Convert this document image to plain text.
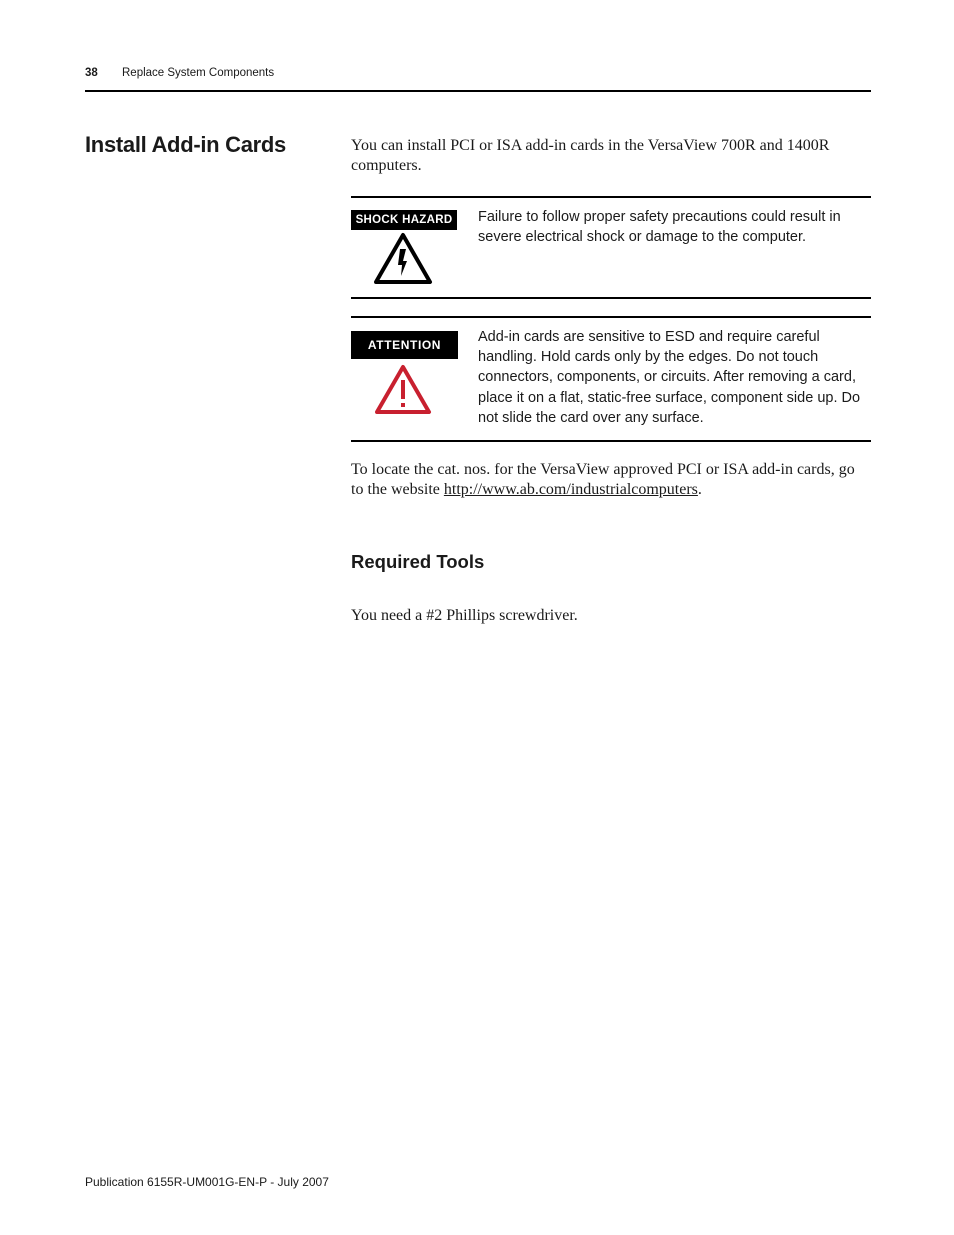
38 Replace System Components
Install Add-in Cards	You can install PCI or ISA add-in cards in the VersaView 700R and 1400R computers.

SHOCK HAZARD	Failure to follow proper safety precautions could result in severe electrical shock or damage to the computer.

ATTENTION	Add-in cards are sensitive to ESD and require careful handling. Hold cards only by the edges. Do not touch connectors, components, or circuits. After removing a card, place it on a flat, static-free surface, component side up. Do not slide the card over any surface.

To locate the cat. nos. for the VersaView approved PCI or ISA add-in cards, go to the website http://www.ab.com/industrialcomputers.

Required Tools

You need a #2 Phillips screwdriver.

Publication 6155R-UM001G-EN-P - July 2007
